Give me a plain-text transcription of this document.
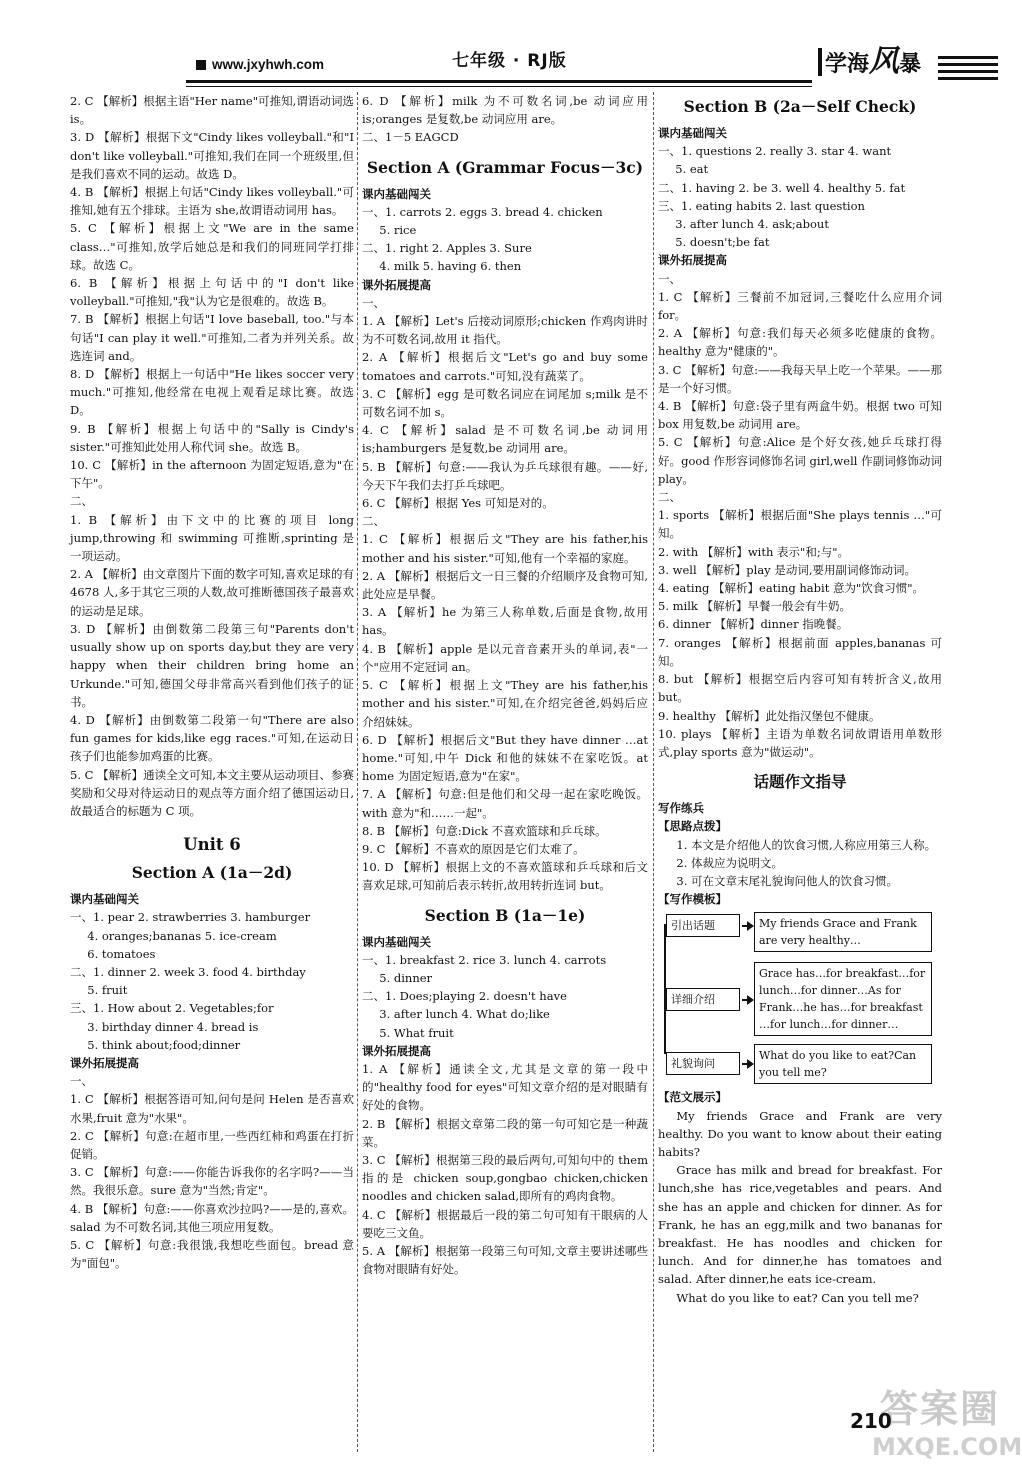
www.jxyhwh.com	七年级 · RJ版	学海风暴

2. C 【解析】根据主语"Her name"可推知,谓语动词选 is。

3. D 【解析】根据下文"Cindy likes volleyball."和"I don't like volleyball."可推知,我们在同一个班级里,但是我们喜欢不同的运动。故选 D。

4. B 【解析】根据上句话"Cindy likes volleyball."可推知,她有五个排球。主语为 she,故谓语动词用 has。

5. C 【解析】根据上文"We are in the same class…"可推知,放学后她总是和我们的同班同学打排球。故选 C。

6. B 【解析】根据上句话中的"I don't like volleyball."可推知,"我"认为它是很难的。故选 B。

7. B 【解析】根据上句话"I love baseball, too."与本句话"I can play it well."可推知,二者为并列关系。故选连词 and。

8. D 【解析】根据上一句话中"He likes soccer very much."可推知,他经常在电视上观看足球比赛。故选 D。

9. B 【解析】根据上句话中的"Sally is Cindy's sister."可推知此处用人称代词 she。故选 B。

10. C 【解析】in the afternoon 为固定短语,意为"在下午"。

二、

1. B 【解析】由下文中的比赛的项目 long jump,throwing 和 swimming 可推断,sprinting 是一项运动。

2. A 【解析】由文章图片下面的数字可知,喜欢足球的有 4678 人,多于其它三项的人数,故可推断德国孩子最喜欢的运动是足球。

3. D 【解析】由倒数第二段第三句"Parents don't usually show up on sports day,but they are very happy when their children bring home an Urkunde."可知,德国父母非常高兴看到他们孩子的证书。

4. D 【解析】由倒数第二段第一句"There are also fun games for kids,like egg races."可知,在运动日孩子们也能参加鸡蛋的比赛。

5. C 【解析】通读全文可知,本文主要从运动项目、参赛奖励和父母对待运动日的观点等方面介绍了德国运动日,故最适合的标题为 C 项。

Unit 6
Section A (1a－2d)
课内基础闯关

一、1. pear 2. strawberries 3. hamburger

4. oranges;bananas 5. ice-cream

6. tomatoes

二、1. dinner 2. week 3. food 4. birthday

5. fruit

三、1. How about 2. Vegetables;for

3. birthday dinner 4. bread is

5. think about;food;dinner

课外拓展提高

一、

1. C 【解析】根据答语可知,问句是问 Helen 是否喜欢水果,fruit 意为"水果"。

2. C 【解析】句意:在超市里,一些西红柿和鸡蛋在打折促销。

3. C 【解析】句意:——你能告诉我你的名字吗?——当然。我很乐意。sure 意为"当然;肯定"。

4. B 【解析】句意:——你喜欢沙拉吗?——是的,喜欢。salad 为不可数名词,其他三项应用复数。

5. C 【解析】句意:我很饿,我想吃些面包。bread 意为"面包"。

6. D 【解析】milk 为不可数名词,be 动词应用 is;oranges 是复数,be 动词应用 are。

二、1－5 EAGCD

Section A (Grammar Focus－3c)
课内基础闯关

一、1. carrots 2. eggs 3. bread 4. chicken

5. rice

二、1. right 2. Apples 3. Sure

4. milk 5. having 6. then

课外拓展提高

一、

1. A 【解析】Let's 后接动词原形;chicken 作鸡肉讲时为不可数名词,故用 it 指代。

2. A 【解析】根据后文"Let's go and buy some tomatoes and carrots."可知,没有蔬菜了。

3. C 【解析】egg 是可数名词应在词尾加 s;milk 是不可数名词不加 s。

4. C 【解析】salad 是不可数名词,be 动词用 is;hamburgers 是复数,be 动词用 are。

5. B 【解析】句意:——我认为乒乓球很有趣。——好,今天下午我们去打乒乓球吧。

6. C 【解析】根据 Yes 可知是对的。

二、

1. C 【解析】根据后文"They are his father,his mother and his sister."可知,他有一个幸福的家庭。

2. A 【解析】根据后文一日三餐的介绍顺序及食物可知,此处应是早餐。

3. A 【解析】he 为第三人称单数,后面是食物,故用 has。

4. B 【解析】apple 是以元音音素开头的单词,表"一个"应用不定冠词 an。

5. C 【解析】根据上文"They are his father,his mother and his sister."可知,在介绍完爸爸,妈妈后应介绍妹妹。

6. D 【解析】根据后文"But they have dinner …at home."可知,中午 Dick 和他的妹妹不在家吃饭。at home 为固定短语,意为"在家"。

7. A 【解析】句意:但是他们和父母一起在家吃晚饭。with 意为"和……一起"。

8. B 【解析】句意:Dick 不喜欢篮球和乒乓球。

9. C 【解析】不喜欢的原因是它们太难了。

10. D 【解析】根据上文的不喜欢篮球和乒乓球和后文喜欢足球,可知前后表示转折,故用转折连词 but。

Section B (1a－1e)
课内基础闯关

一、1. breakfast 2. rice 3. lunch 4. carrots

5. dinner

二、1. Does;playing 2. doesn't have

3. after lunch 4. What do;like

5. What fruit

课外拓展提高

1. A 【解析】通读全文,尤其是文章的第一段中的"healthy food for eyes"可知文章介绍的是对眼睛有好处的食物。

2. B 【解析】根据文章第二段的第一句可知它是一种蔬菜。

3. C 【解析】根据第三段的最后两句,可知句中的 them 指的是 chicken soup,gongbao chicken,chicken noodles and chicken salad,即所有的鸡肉食物。

4. C 【解析】根据最后一段的第二句可知有干眼病的人要吃三文鱼。

5. A 【解析】根据第一段第三句可知,文章主要讲述哪些食物对眼睛有好处。

Section B (2a－Self Check)
课内基础闯关

一、1. questions 2. really 3. star 4. want

5. eat

二、1. having 2. be 3. well 4. healthy 5. fat

三、1. eating habits 2. last question

3. after lunch 4. ask;about

5. doesn't;be fat

课外拓展提高

一、

1. C 【解析】三餐前不加冠词,三餐吃什么应用介词 for。

2. A 【解析】句意:我们每天必须多吃健康的食物。healthy 意为"健康的"。

3. C 【解析】句意:——我每天早上吃一个苹果。——那是一个好习惯。

4. B 【解析】句意:袋子里有两盒牛奶。根据 two 可知 box 用复数,be 动词用 are。

5. C 【解析】句意:Alice 是个好女孩,她乒乓球打得好。good 作形容词修饰名词 girl,well 作副词修饰动词 play。

二、

1. sports 【解析】根据后面"She plays tennis …"可知。

2. with 【解析】with 表示"和;与"。

3. well 【解析】play 是动词,要用副词修饰动词。

4. eating 【解析】eating habit 意为"饮食习惯"。

5. milk 【解析】早餐一般会有牛奶。

6. dinner 【解析】dinner 指晚餐。

7. oranges 【解析】根据前面 apples,bananas 可知。

8. but 【解析】根据空后内容可知有转折含义,故用 but。

9. healthy 【解析】此处指汉堡包不健康。

10. plays 【解析】主语为单数名词故谓语用单数形式,play sports 意为"做运动"。

话题作文指导
写作练兵
【思路点拨】

1. 本文是介绍他人的饮食习惯,人称应用第三人称。

2. 体裁应为说明文。

3. 可在文章末尾礼貌询问他人的饮食习惯。

【写作模板】
引出话题	My friends Grace and Frank are very healthy…
详细介绍
Grace has…for breakfast…for lunch…for dinner…As for Frank…he has…for breakfast …for lunch…for dinner…
礼貌询问
What do you like to eat?Can you tell me?
【范文展示】

My friends Grace and Frank are very healthy. Do you want to know about their eating habits?

Grace has milk and bread for breakfast. For lunch,she has rice,vegetables and pears. And she has an apple and chicken for dinner. As for Frank, he has an egg,milk and two bananas for breakfast. He has noodles and chicken for lunch. And for dinner,he has tomatoes and salad. After dinner,he eats ice-cream.

What do you like to eat? Can you tell me?

答案圈
MXQE.COM
210
